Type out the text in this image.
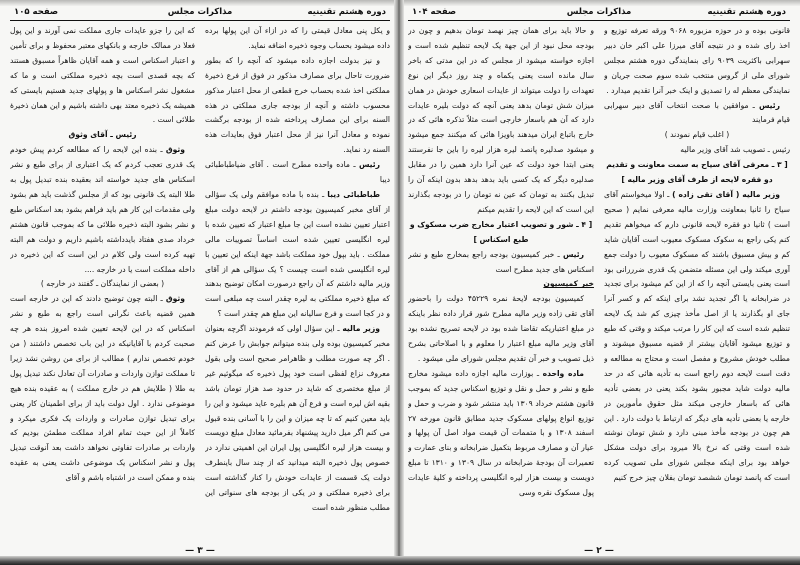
دوره هشتم تقنینیه
مذاکرات مجلس
صفحه ۱۰۵

و یکل پنی معادل قیمتی را که در ازاء آن این پولها برده داده میشود بحساب وجوه ذخیره اضافه نماید.

و نیز بدولت اجازه داده میشود که آنچه را که بطور ضرورت تاحال برای مصارف مذکور در فوق از فرع ذخیرهٔ مملکتی اخذ شده بحساب خرج قطعی از محل اعتبار مذکور محسوب داشته و آنچه از بودجه جاری مملکتی در هذه السنه برای این مصارف پرداخته شده از بودجه برگشت نموده و معادل آنرا نیز از محل اعتبار فوق بعایدات هذه السنه رد نماید.

رئیس ـ ماده واحده مطرح است . آقای ضیاطباطبائی دیبا

طباطبائی دیبا ـ بنده با ماده موافقم ولی یک سؤالی از آقای مخبر کمیسیون بودجه داشتم در لایحه دولت مبلغ اعتبار تعیین نشده است این جا مبلغ اعتبار که تعیین شده با لیره انگلیسی تعیین شده است اساساً تصویبات مالی مملکت . باید بپول خود مملکت باشد جهة اینکه این تعیین با لیره انگلیسی شده است چیست ؟ یک سؤالی هم از آقای وزیر مالیه داشتم که آن راجع درصورت امکان توضیح بدهند که مبلغ ذخیره مملکتی به لیره چقدر است چه مبلغی است و در کجا است و فرع سالیانه این مبلغ هم چقدر است ؟

وزیر مالیه ـ این سؤال اولی که فرمودند اگرچه بعنوان مخبر کمیسیون بوده ولی بنده میتوانم جوابش را عرض کنم . اگر چه صورت مطلب و ظاهرامر صحیح است ولی بقول معروف نزاع لفظی است خود پول ذخیره که میگوئیم غیر از مبلغ مختصری که شاید در حدود صد هزار تومان باشد بقیه اش لیره است و فرع آن هم بلیره عاید میشود و این را باید معین کنیم که تا چه میزان و این را با آسانی بنده قبول می کنم اگر میل دارید پیشنهاد بفرمائید معادل مبلغ دویست و بیست هزار لیره انگلیسی پول ایران این اهمیتی ندارد در خصوص پول ذخیره البته میدانید که از چند سال باینطرف دولت یک قسمت از عایدات خودش را کنار گذاشته است برای ذخیره مملکتی و در یکی از بودجه های سنواتی این مطلب منظور شده است

که این را جزو عایدات جاری مملکت نمی آورند و این پول فعلا در ممالک خارجه و بانکهای معتبر محفوظ و برای تأمین و اعتبار اسکناس است و همه آقایان ظاهراً مسبوق هستند که بچه قصدی است بچه ذخیره مملکتی است و ما که مشغول نشر اسکناس ها و پولهای جدید هستیم بایستی که همیشه یک ذخیره معتد بهی داشته باشیم و این همان ذخیرهٔ طلائی است .

رئیس ـ آقای وثوق

وثوق ـ بنده این لایحه را که مطالعه کردم پیش خودم یک قدری تعجب کردم که یک اعتباری از برای طبع و نشر اسکناس های جدید خواسته اند بعقیده بنده تبدیل پول به طلا البته یک قانونی بود که از مجلس گذشت باید هم بشود ولی مقدمات این کار هم باید فراهم بشود بعد اسکناس طبع و نشر بشود البته ذخیره طلائی ما که بموجب قانون هشتم خرداد صدی هفتاد بایدداشته باشیم داریم و دولت هم البته تهیه کرده است ولی کلام در این است که این ذخیره در داخله مملکت است یا در خارجه ....

( بعضی از نمایندگان ـ گفتند در خارجه )

وثوق ـ البته چون توضیح دادند که این در خارجه است همین قضیه باعث نگرانی است راجع به طبع و نشر اسکناس که در این لایحه تعیین شده امروز بنده هر چه صحبت کردم با آقایانیکه در این باب تخصص داشتند ( من خودم تخصص ندارم ) مطالب از برای من روشن نشد زیرا تا مملکت توازن واردات و صادرات آن تعادل نکند تبدیل پول به طلا ( طلایش هم در خارج مملکت ) به عقیده بنده هیچ موضوعی ندارد . اول دولت باید از برای اطمینان کار یعنی برای تبدیل توازن صادرات و واردات یک فکری میکرد و کاملاً از این حیث تمام افراد مملکت مطمئن بودیم که واردات بر صادرات تفاوتی نخواهد داشت بعد آنوقت تبدیل پول و نشر اسکناس یک موضوعی داشت یعنی به عقیده بنده و ممکن است در اشتباه باشم و آقای

— ۳ —
دوره هشتم تقنینیه
مذاکرات مجلس
صفحه ۱۰۴

قانونی بوده و در حوزه مزبوره ۹۰۶۸ ورقه تعرفه توزیع و اخذ رای شده و در نتیجه آقای میرزا علی اکبر خان دبیر سهرابی باکثریت ۹۰۳۹ رای بنمایندگی دوره هشتم مجلس شورای ملی از گروس منتخب شده سوم صحت جریان و نمایندگی معظم له را تصدیق و اینک خبر آنرا تقدیم میدارد .

رئیس ـ موافقین با صحت انتخاب آقای دبیر سهرابی قیام فرمایند

( اغلب قیام نمودند )

رئیس ـ تصویب شد آقای وزیر مالیه

[ ۳ ـ معرفی آقای سیاح به سمت معاونت و تقدیم دو فقره لایحه از طرف آقای وزیر مالیه ]

وزیر مالیه ( آقای تقی زاده ) ـ اولا میخواستم آقای سیاح را ثانیا بمعاونت وزارت مالیه معرفی نمایم ( صحیح است ) ثانیا دو فقره لایحه قانونی دارم که میخواهم تقدیم کنم یکی راجع به سکوک مسکوک معیوب است آقایان شاید کم و بیش مسبوق باشند که مسکوک معیوب را دولت جمع آوری میکند ولی این مسئله متضمن یک قدری ضرررانی بود است یعنی بایستی آنچه را که از این کم میشود برای تجدید در ضرابخانه یا اگر تجدید نشد برای اینکه کم و کسر آنرا جای او بگذارند یا از اصل مأخذ چیزی کم شد یک لایحه تنظیم شده است که این کار را مرتب میکند و وقتی که طبع و توزیع میشود آقایان بیشتر از قضیه مسبوق میشوند و مطلب خودش مشروح و مفصل است و محتاج به مطالعه و دقت است لایحه دوم راجع است به تأدیه هائی که در حد مالیه دولت شاید مجبور بشود بکند یعنی در بعضی تأدیه هائی که باسعار خارجی میکند مثل حقوق مأمورین در خارجه یا بعضی تأدیه های دیگر که ارتباط با دولت دارد . این هم چون در بودجه مأخذ مبنی دارد و شش تومان نوشته شده است وقتی که نرخ بالا میرود برای دولت مشکل خواهد بود برای اینکه مجلس شورای ملی تصویب کرده است که پانصد تومان ششصد تومان بفلان چیز خرج کنیم

و حالا باید برای همان چیز نهصد تومان بدهیم و چون در بودجه محل نبود از این جهة یک لایحه تنظیم شده است و اجازه خواسته میشود از مجلس که در این مدتی که باخر سال مانده است یعنی یکماه و چند روز دیگر این نوع تعهدات را دولت میتواند از عایدات اسعاری خودش در همان میزان شش تومان بدهد یعنی آنچه که دولت بلیره عایدات دارد که آن هم باسعار خارجی است مثلاً تذکره هائی که در خارج باتباع ایران میدهند باویزا هائی که میکنند جمع میشود و میشود صدلیره پانصد لیره هزار لیره را باین جا نفرستند یعنی ابتدا خود دولت که عین آنرا دارد همین را در مقابل صدلیره دیگر که یک کسی باید بدهد بدهد بدون اینکه آن را تبدیل بکنند به تومان که عین نه تومان را در بودجه بگذارند این است که این لایحه را تقدیم میکنم

[ ۴ ـ شور و تصویب اعتبار مخارج ضرب مسکوک و طبع اسکناس ]

رئیس ـ خبر کمیسیون بودجه راجع بمخارج طبع و نشر اسکناس های جدید مطرح است

خبر کمیسیون

کمیسیون بودجه لایحهٔ نمره ۴۵۲۲۹ دولت را باحضور آقای تقی زاده وزیر مالیه مطرح شور قرار داده نظر باینکه در مبلغ اعتباریکه تقاضا شده بود در لایحه تصریح نشده بود آقای وزیر مالیه مبلغ اعتبار را معلوم و با اصلاحاتی بشرح ذیل تصویب و خبر آن تقدیم مجلس شورای ملی میشود .

ماده واحده ـ بوزارت مالیه اجازه داده میشود مخارج طبع و نشر و حمل و نقل و توزیع اسکناس جدید که بموجب قانون هشتم خرداد ۱۳۰۹ باید منتشر شود و ضرب و حمل و توزیع انواع پولهای مسکوک جدید مطابق قانون مورخه ۲۷ اسفند ۱۳۰۸ و با متممات آن قیمت مواد اصل آن پولها و عیار آن و مصارف مربوط بتکمیل ضرابخانه و بنای عمارت و تعمیرات آن بودجهٔ ضرابخانه در سال ۱۳۰۹ و ۱۳۱۰ تا مبلغ دویست و بیست هزار لیره انگلیسی پرداخته و کلیهٔ عایدات پول مسکوک نقره وسی

— ۲ —
